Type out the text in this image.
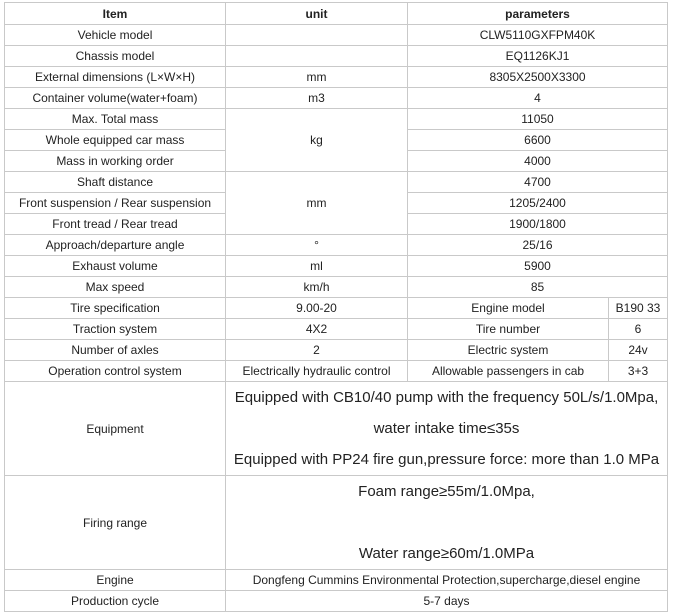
Item	unit	parameters	
Vehicle model		CLW5110GXFPM40K	
Chassis model		EQ1126KJ1	
External dimensions (L×W×H)	mm	8305X2500X3300	
Container volume(water+foam)	m3	4	
Max. Total mass	kg	11050	
Whole equipped car mass		6600	
Mass in working order		4000	
Shaft distance	mm	4700	
Front suspension / Rear suspension		1205/2400	
Front tread / Rear tread		1900/1800	
Approach/departure angle	°	25/16	
Exhaust volume	ml	5900	
Max speed	km/h	85	
Tire specification	9.00-20	Engine model	B190 33
Traction system	4X2	Tire number	6
Number of axles	2	Electric system	24v
Operation control system	Electrically hydraulic control	Allowable passengers in cab	3+3
Equipment	Equipped with CB10/40 pump with the frequency 50L/s/1.0Mpa,
water intake time≤35s
Equipped with PP24 fire gun,pressure force: more than 1.0 MPa		

Firing range	Foam range≥55m/1.0Mpa,
Water range≥60m/1.0MPa		

Engine	Dongfeng Cummins Environmental Protection,supercharge,diesel engine		
Production cycle	5-7 days		
